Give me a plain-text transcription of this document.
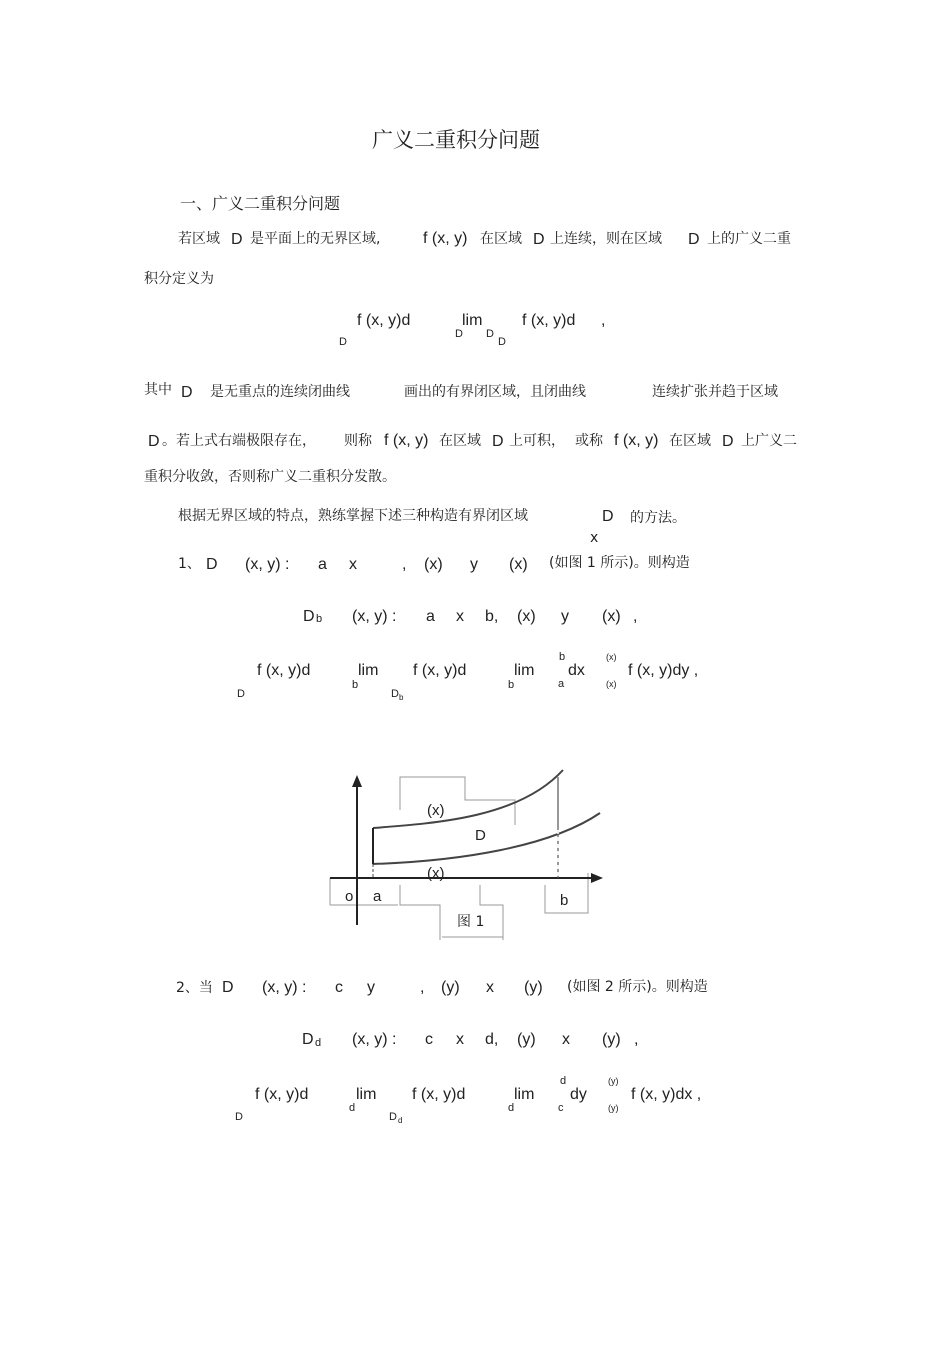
广义二重积分问题
一、广义二重积分问题
若区域 D 是平面上的无界区域,	f (x, y) 在区域 D 上连续，则在区域 D 上的广义二重
积分定义为
f (x, y)d
D
lim
D D
f (x, y)d
D
,
其中 D 是无重点的连续闭曲线	画出的有界闭区域，且闭曲线	连续扩张并趋于区域
D 。若上式右端极限存在， 则称 f (x, y) 在区域 D 上可积， 或称 f (x, y) 在区域 D 上广义二
重积分收敛，否则称广义二重积分发散。
根据无界区域的特点，熟练掌握下述三种构造有界闭区域	D
x
的方法。
1、 D (x, y) : a x	, (x) y (x) (如图 1 所示)。则构造
D b (x, y) : a x b, (x) y (x) ,
f (x, y)d
D
lim
b
f (x, y)d
D b
lim
b
b
a
dx
(x)
(x)
f (x, y)dy ,
(x)
D
(x)
o a	b
图 1
2、当 D (x, y) : c y	, (y) x (y) (如图 2 所示)。则构造
D d (x, y) : c x d, (y) x (y) ,
f (x, y)d
D
lim
d
f (x, y)d
D d
lim
d
d
c
dy
(y)
(y)
f (x, y)dx ,
